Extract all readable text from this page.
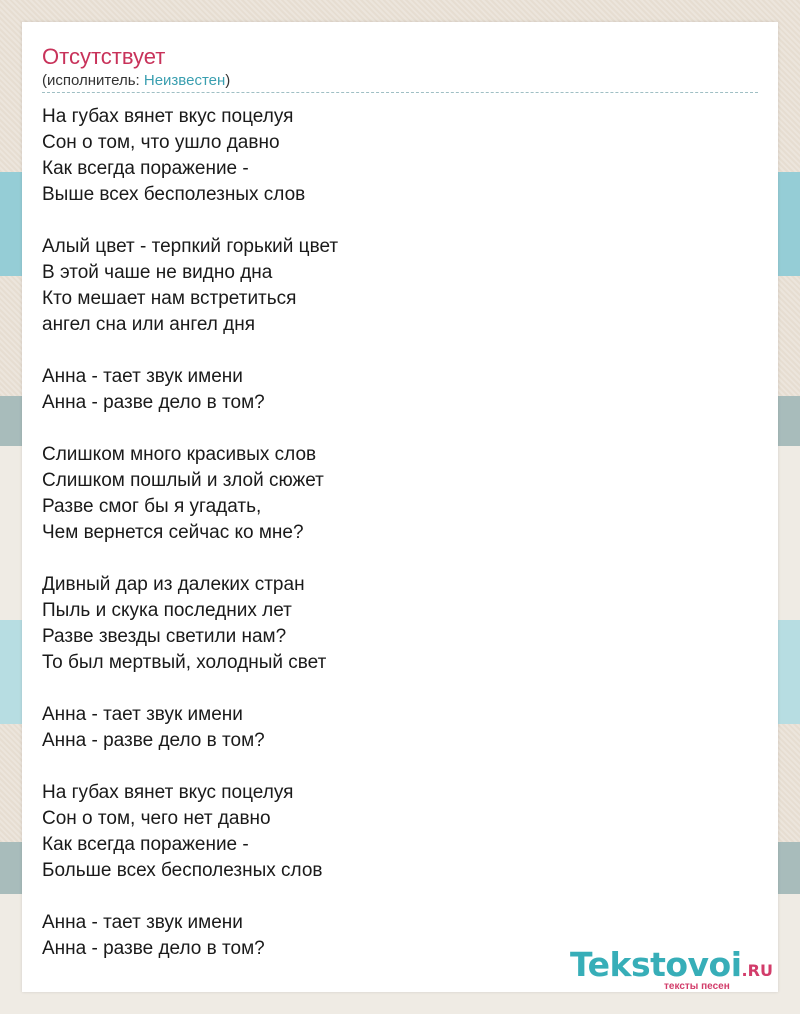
Отсутствует
(исполнитель: Неизвестен)
На губах вянет вкус поцелуя
Сон о том, что ушло давно
Как всегда поражение -
Выше всех бесполезных слов
Алый цвет - терпкий горький цвет
В этой чаше не видно дна
Кто мешает нам встретиться
ангел сна или ангел дня
Анна - тает звук имени
Анна - разве дело в том?
Слишком много красивых слов
Слишком пошлый и злой сюжет
Разве смог бы я угадать,
Чем вернется сейчас ко мне?
Дивный дар из далеких стран
Пыль и скука последних лет
Разве звезды светили нам?
То был мертвый, холодный свет
Анна - тает звук имени
Анна - разве дело в том?
На губах вянет вкус поцелуя
Сон о том, чего нет давно
Как всегда поражение -
Больше всех бесполезных слов
Анна - тает звук имени
Анна - разве дело в том?	Tekstovoi.RU
тексты песен
